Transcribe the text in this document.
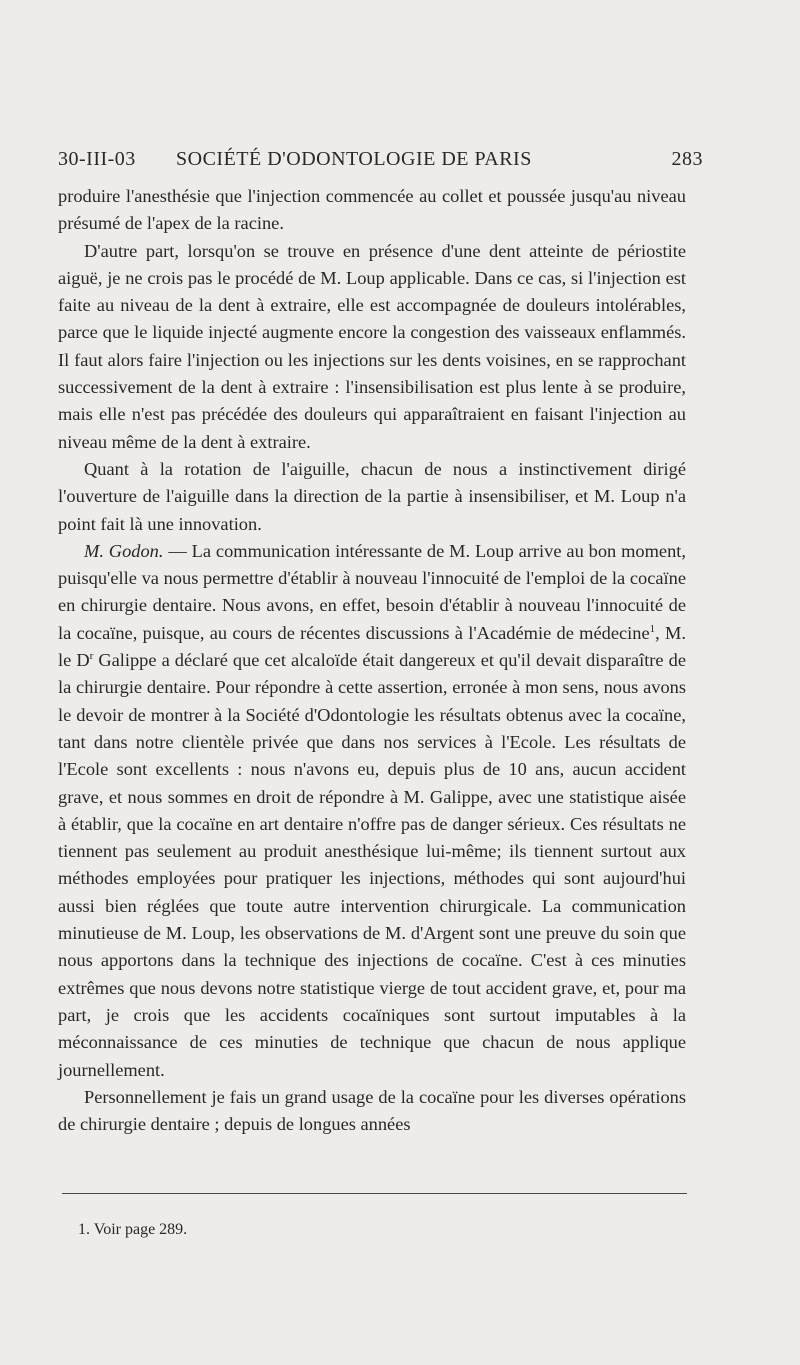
30-III-03 SOCIÉTÉ D'ODONTOLOGIE DE PARIS	283

produire l'anesthésie que l'injection commencée au collet et poussée jusqu'au niveau présumé de l'apex de la racine.

D'autre part, lorsqu'on se trouve en présence d'une dent atteinte de périostite aiguë, je ne crois pas le procédé de M. Loup applicable. Dans ce cas, si l'injection est faite au niveau de la dent à extraire, elle est accompagnée de douleurs intolérables, parce que le liquide injecté augmente encore la congestion des vaisseaux enflammés. Il faut alors faire l'injection ou les injections sur les dents voisines, en se rapprochant successivement de la dent à extraire : l'insensibilisation est plus lente à se produire, mais elle n'est pas précédée des douleurs qui apparaîtraient en faisant l'injection au niveau même de la dent à extraire.

Quant à la rotation de l'aiguille, chacun de nous a instinctivement dirigé l'ouverture de l'aiguille dans la direction de la partie à insensibiliser, et M. Loup n'a point fait là une innovation.

M. Godon. — La communication intéressante de M. Loup arrive au bon moment, puisqu'elle va nous permettre d'établir à nouveau l'innocuité de l'emploi de la cocaïne en chirurgie dentaire. Nous avons, en effet, besoin d'établir à nouveau l'innocuité de la cocaïne, puisque, au cours de récentes discussions à l'Académie de médecine$^1$, M. le $D^r$ Galippe a déclaré que cet alcaloïde était dangereux et qu'il devait disparaître de la chirurgie dentaire. Pour répondre à cette assertion, erronée à mon sens, nous avons le devoir de montrer à la Société d'Odontologie les résultats obtenus avec la cocaïne, tant dans notre clientèle privée que dans nos services à l'Ecole. Les résultats de l'Ecole sont excellents : nous n'avons eu, depuis plus de 10 ans, aucun accident grave, et nous sommes en droit de répondre à M. Galippe, avec une statistique aisée à établir, que la cocaïne en art dentaire n'offre pas de danger sérieux. Ces résultats ne tiennent pas seulement au produit anesthésique lui-même; ils tiennent surtout aux méthodes employées pour pratiquer les injections, méthodes qui sont aujourd'hui aussi bien réglées que toute autre intervention chirurgicale. La communication minutieuse de M. Loup, les observations de M. d'Argent sont une preuve du soin que nous apportons dans la technique des injections de cocaïne. C'est à ces minuties extrêmes que nous devons notre statistique vierge de tout accident grave, et, pour ma part, je crois que les accidents cocaïniques sont surtout imputables à la méconnaissance de ces minuties de technique que chacun de nous applique journellement.

Personnellement je fais un grand usage de la cocaïne pour les diverses opérations de chirurgie dentaire ; depuis de longues années

1. Voir page 289.
